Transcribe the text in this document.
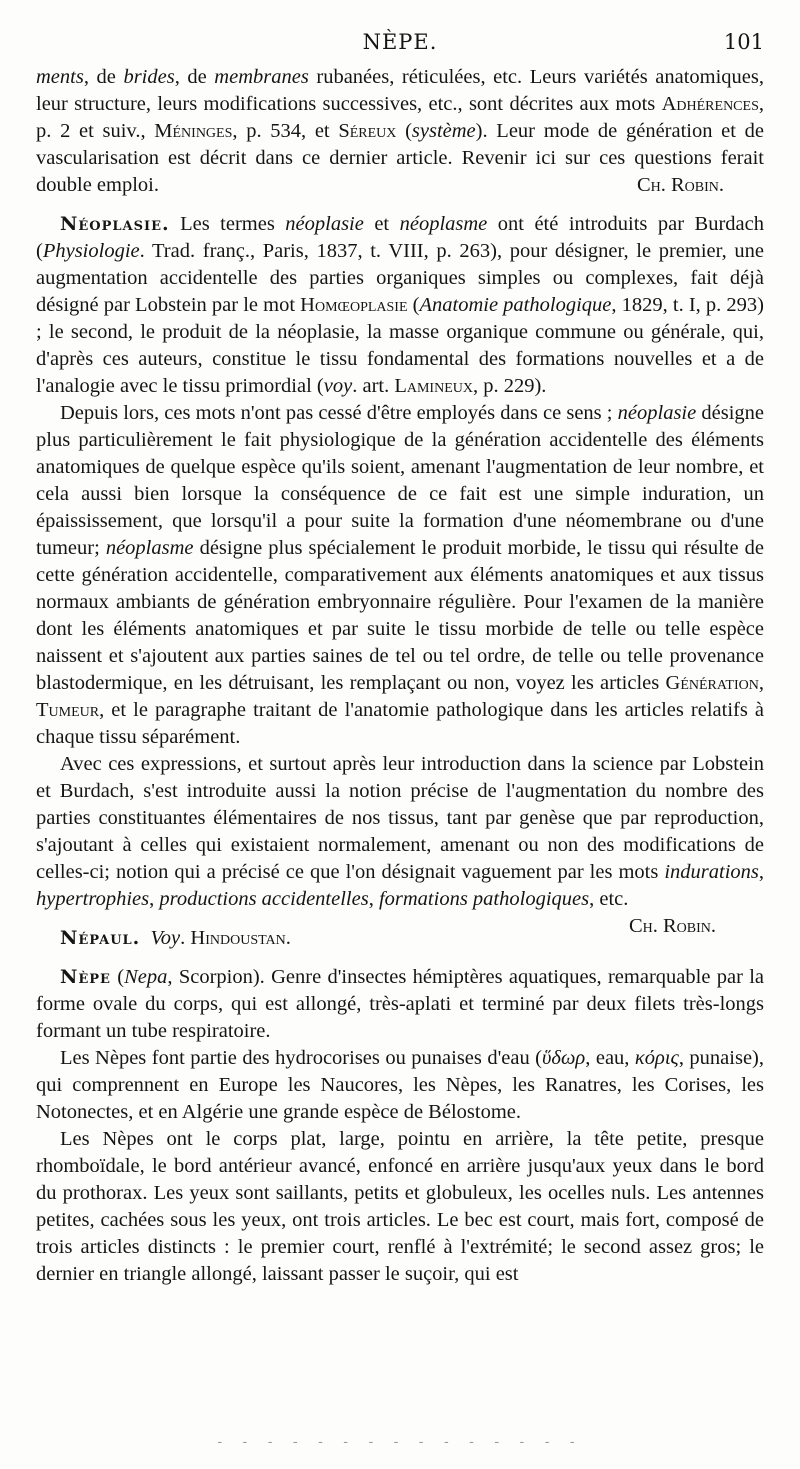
NÈPE.	101

ments, de brides, de membranes rubanées, réticulées, etc. Leurs variétés anatomiques, leur structure, leurs modifications successives, etc., sont décrites aux mots Adhérences, p. 2 et suiv., Méninges, p. 534, et Séreux (système). Leur mode de génération et de vascularisation est décrit dans ce dernier article. Revenir ici sur ces questions ferait double emploi.	Ch. Robin.

Néoplasie. Les termes néoplasie et néoplasme ont été introduits par Burdach (Physiologie. Trad. franç., Paris, 1837, t. VIII, p. 263), pour désigner, le premier, une augmentation accidentelle des parties organiques simples ou complexes, fait déjà désigné par Lobstein par le mot Homœoplasie (Anatomie pathologique, 1829, t. I, p. 293) ; le second, le produit de la néoplasie, la masse organique commune ou générale, qui, d'après ces auteurs, constitue le tissu fondamental des formations nouvelles et a de l'analogie avec le tissu primordial (voy. art. Lamineux, p. 229).

Depuis lors, ces mots n'ont pas cessé d'être employés dans ce sens ; néoplasie désigne plus particulièrement le fait physiologique de la génération accidentelle des éléments anatomiques de quelque espèce qu'ils soient, amenant l'augmentation de leur nombre, et cela aussi bien lorsque la conséquence de ce fait est une simple induration, un épaississement, que lorsqu'il a pour suite la formation d'une néomembrane ou d'une tumeur; néoplasme désigne plus spécialement le produit morbide, le tissu qui résulte de cette génération accidentelle, comparativement aux éléments anatomiques et aux tissus normaux ambiants de génération embryonnaire régulière. Pour l'examen de la manière dont les éléments anatomiques et par suite le tissu morbide de telle ou telle espèce naissent et s'ajoutent aux parties saines de tel ou tel ordre, de telle ou telle provenance blastodermique, en les détruisant, les remplaçant ou non, voyez les articles Génération, Tumeur, et le paragraphe traitant de l'anatomie pathologique dans les articles relatifs à chaque tissu séparément.

Avec ces expressions, et surtout après leur introduction dans la science par Lobstein et Burdach, s'est introduite aussi la notion précise de l'augmentation du nombre des parties constituantes élémentaires de nos tissus, tant par genèse que par reproduction, s'ajoutant à celles qui existaient normalement, amenant ou non des modifications de celles-ci; notion qui a précisé ce que l'on désignait vaguement par les mots indurations, hypertrophies, productions accidentelles, formations pathologiques, etc.
Ch. Robin.

Népaul. Voy. Hindoustan.

Nèpe (Nepa, Scorpion). Genre d'insectes hémiptères aquatiques, remarquable par la forme ovale du corps, qui est allongé, très-aplati et terminé par deux filets très-longs formant un tube respiratoire.

Les Nèpes font partie des hydrocorises ou punaises d'eau (ὕδωρ, eau, κόρις, punaise), qui comprennent en Europe les Naucores, les Nèpes, les Ranatres, les Corises, les Notonectes, et en Algérie une grande espèce de Bélostome.

Les Nèpes ont le corps plat, large, pointu en arrière, la tête petite, presque rhomboïdale, le bord antérieur avancé, enfoncé en arrière jusqu'aux yeux dans le bord du prothorax. Les yeux sont saillants, petits et globuleux, les ocelles nuls. Les antennes petites, cachées sous les yeux, ont trois articles. Le bec est court, mais fort, composé de trois articles distincts : le premier court, renflé à l'extrémité; le second assez gros; le dernier en triangle allongé, laissant passer le suçoir, qui est

- - - - - - - - - - - - - - -
